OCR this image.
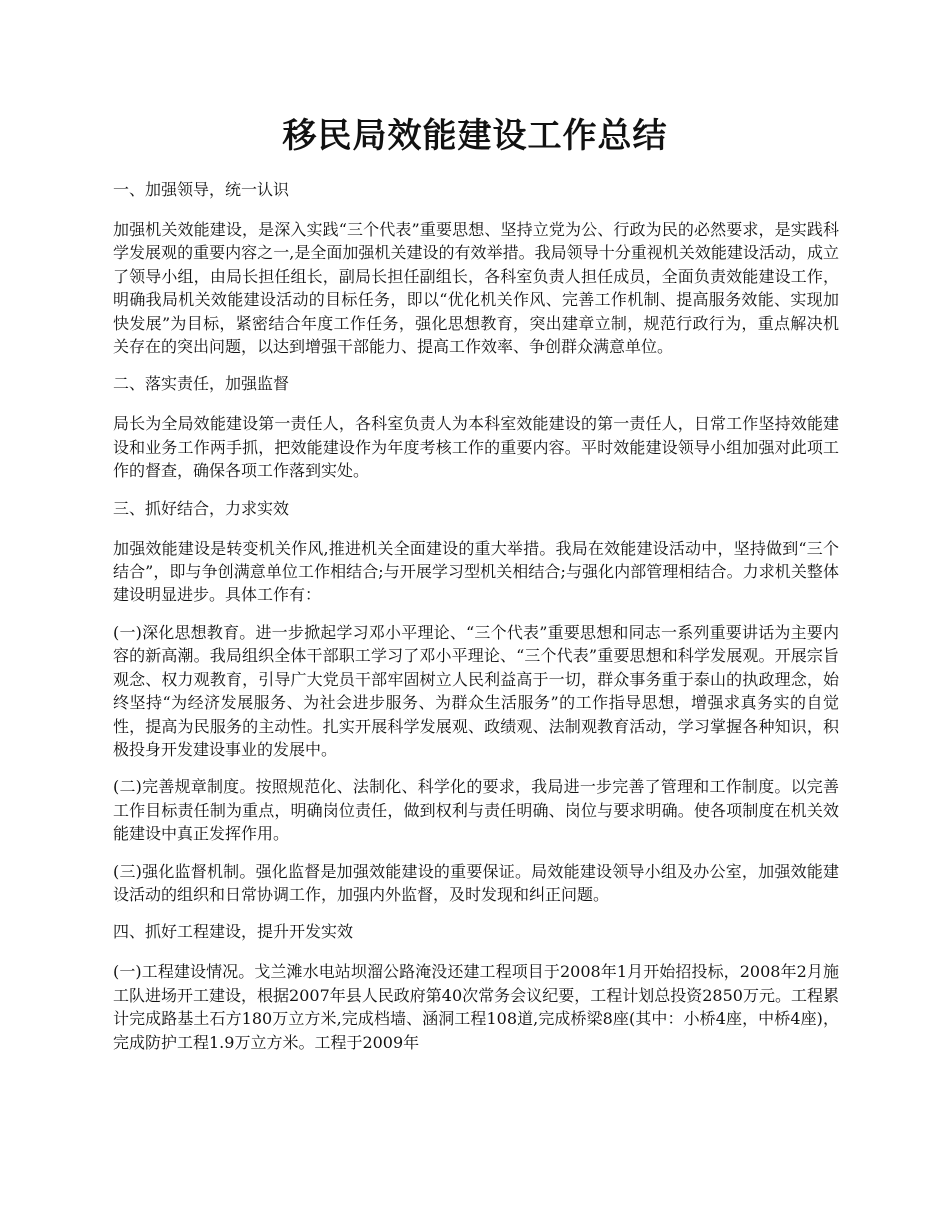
移民局效能建设工作总结

一、加强领导，统一认识

加强机关效能建设，是深入实践“三个代表”重要思想、坚持立党为公、行政为民的必然要求，是实践科学发展观的重要内容之一,是全面加强机关建设的有效举措。我局领导十分重视机关效能建设活动，成立了领导小组，由局长担任组长，副局长担任副组长，各科室负责人担任成员，全面负责效能建设工作，明确我局机关效能建设活动的目标任务，即以“优化机关作风、完善工作机制、提高服务效能、实现加快发展”为目标，紧密结合年度工作任务，强化思想教育，突出建章立制，规范行政行为，重点解决机关存在的突出问题，以达到增强干部能力、提高工作效率、争创群众满意单位。

二、落实责任，加强监督

局长为全局效能建设第一责任人，各科室负责人为本科室效能建设的第一责任人，日常工作坚持效能建设和业务工作两手抓，把效能建设作为年度考核工作的重要内容。平时效能建设领导小组加强对此项工作的督查，确保各项工作落到实处。

三、抓好结合，力求实效

加强效能建设是转变机关作风,推进机关全面建设的重大举措。我局在效能建设活动中，坚持做到“三个结合”，即与争创满意单位工作相结合;与开展学习型机关相结合;与强化内部管理相结合。力求机关整体建设明显进步。具体工作有：

(一)深化思想教育。进一步掀起学习邓小平理论、“三个代表”重要思想和同志一系列重要讲话为主要内容的新高潮。我局组织全体干部职工学习了邓小平理论、“三个代表”重要思想和科学发展观。开展宗旨观念、权力观教育，引导广大党员干部牢固树立人民利益高于一切，群众事务重于泰山的执政理念，始终坚持“为经济发展服务、为社会进步服务、为群众生活服务”的工作指导思想，增强求真务实的自觉性，提高为民服务的主动性。扎实开展科学发展观、政绩观、法制观教育活动，学习掌握各种知识，积极投身开发建设事业的发展中。

(二)完善规章制度。按照规范化、法制化、科学化的要求，我局进一步完善了管理和工作制度。以完善工作目标责任制为重点，明确岗位责任，做到权利与责任明确、岗位与要求明确。使各项制度在机关效能建设中真正发挥作用。

(三)强化监督机制。强化监督是加强效能建设的重要保证。局效能建设领导小组及办公室，加强效能建设活动的组织和日常协调工作，加强内外监督，及时发现和纠正问题。

四、抓好工程建设，提升开发实效

(一)工程建设情况。戈兰滩水电站坝溜公路淹没还建工程项目于2008年1月开始招投标，2008年2月施工队进场开工建设，根据2007年县人民政府第40次常务会议纪要，工程计划总投资2850万元。工程累计完成路基土石方180万立方米,完成档墙、涵洞工程108道,完成桥梁8座(其中：小桥4座，中桥4座)，完成防护工程1.9万立方米。工程于2009年
